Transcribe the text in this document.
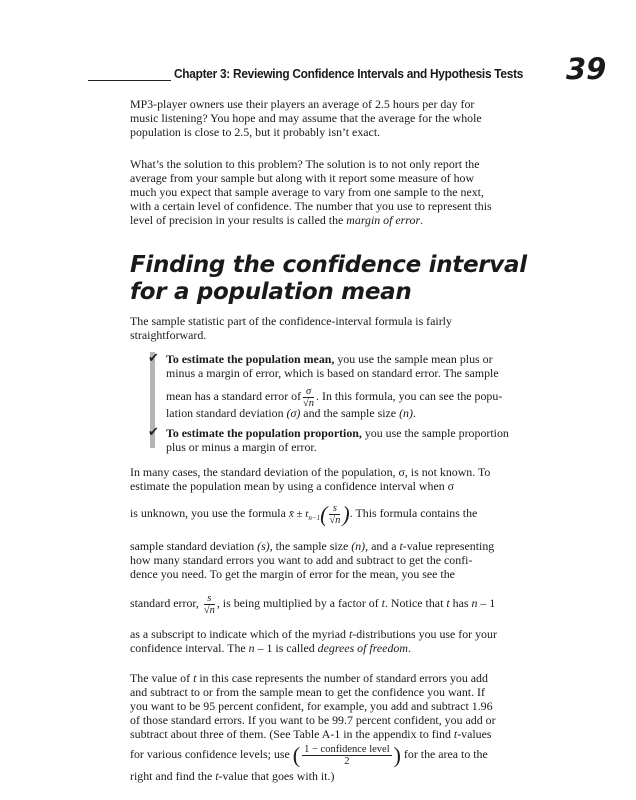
Chapter 3: Reviewing Confidence Intervals and Hypothesis Tests 39
MP3-player owners use their players an average of 2.5 hours per day for
music listening? You hope and may assume that the average for the whole
population is close to 2.5, but it probably isn’t exact.
What’s the solution to this problem? The solution is to not only report the
average from your sample but along with it report some measure of how
much you expect that sample average to vary from one sample to the next,
with a certain level of confidence. The number that you use to represent this
level of precision in your results is called the margin of error.
Finding the confidence interval
for a population mean
The sample statistic part of the confidence-interval formula is fairly
straightforward.
✔ To estimate the population mean, you use the sample mean plus or
minus a margin of error, which is based on standard error. The sample
mean has a standard error of $\frac{\sigma}{√n}$ . In this formula, you can see the popu-
lation standard deviation (σ) and the sample size (n).
✔ To estimate the population proportion, you use the sample proportion
plus or minus a margin of error.
In many cases, the standard deviation of the population, σ, is not known. To
estimate the population mean by using a confidence interval when σ
is unknown, you use the formula x̄ ± $t_{n-1}( \frac{s}{√n}$ ). This formula contains the
sample standard deviation (s), the sample size (n), and a t-value representing
how many standard errors you want to add and subtract to get the confi-
dence you need. To get the margin of error for the mean, you see the
standard error, $\frac{s}{√n}$ , is being multiplied by a factor of t. Notice that t has n – 1
as a subscript to indicate which of the myriad t-distributions you use for your
confidence interval. The n – 1 is called degrees of freedom.
The value of t in this case represents the number of standard errors you add
and subtract to or from the sample mean to get the confidence you want. If
you want to be 95 percent confident, for example, you add and subtract 1.96
of those standard errors. If you want to be 99.7 percent confident, you add or
subtract about three of them. (See Table A-1 in the appendix to find t-values
for various confidence levels; use ( $\frac{\text{1 − confidence level}}{2}$ ) for the area to the
right and find the t-value that goes with it.)
